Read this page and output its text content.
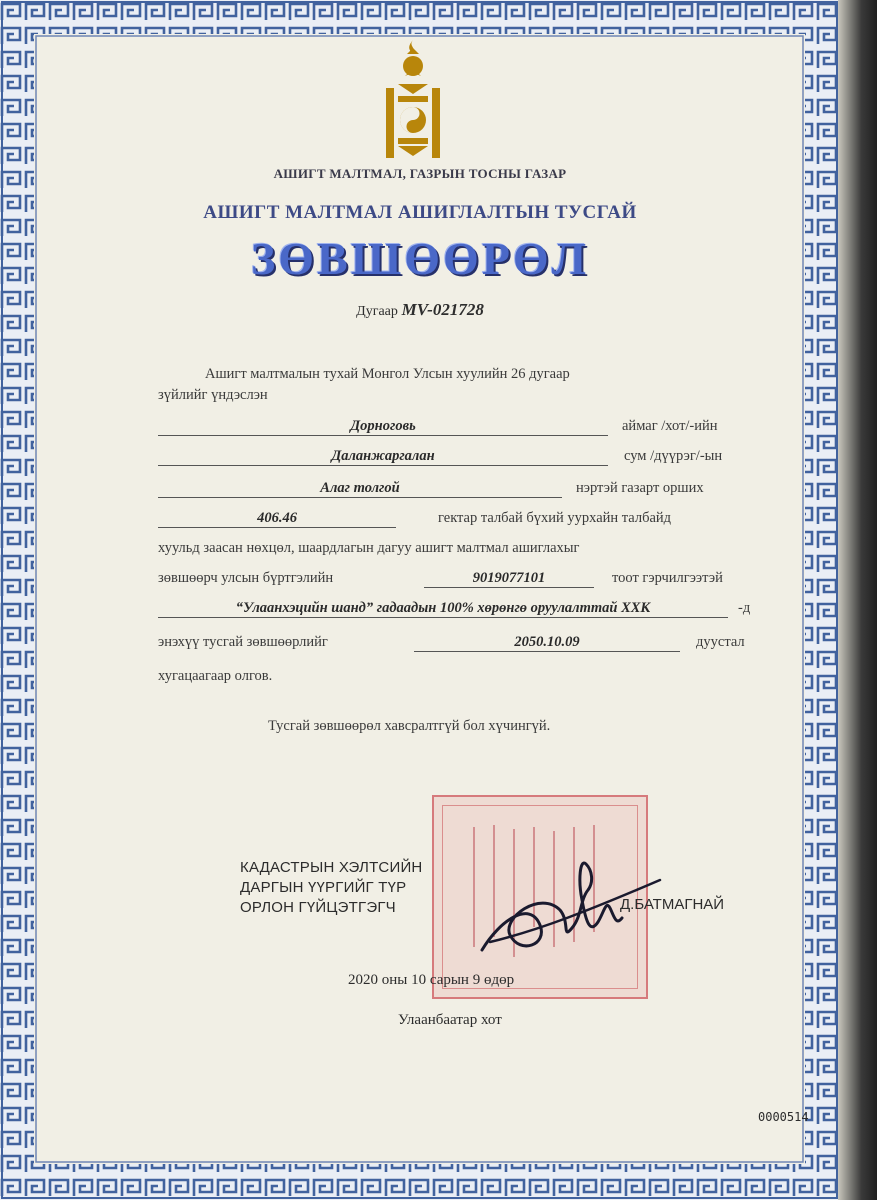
АШИГТ МАЛТМАЛ, ГАЗРЫН ТОСНЫ ГАЗАР
АШИГТ МАЛТМАЛ АШИГЛАЛТЫН ТУСГАЙ
ЗӨВШӨӨРӨЛ
Дугаар MV-021728
Ашигт малтмалын тухай Монгол Улсын хуулийн 26 дугаар
зүйлийг үндэслэн
Дорноговь	аймаг /хот/-ийн
Даланжаргалан	сум /дүүрэг/-ын
Алаг толгой	нэртэй газарт орших
406.46	гектар талбай бүхий уурхайн талбайд
хуульд заасан нөхцөл, шаардлагын дагуу ашигт малтмал ашиглахыг
зөвшөөрч улсын бүртгэлийн	9019077101	тоот гэрчилгээтэй
“Улаанхэцийн шанд” гадаадын 100% хөрөнгө оруулалттай ХХК	-д
энэхүү тусгай зөвшөөрлийг	2050.10.09	дуустал
хугацаагаар олгов.
Тусгай зөвшөөрөл хавсралтгүй бол хүчингүй.
КАДАСТРЫН ХЭЛТСИЙН
ДАРГЫН ҮҮРГИЙГ ТҮР
ОРЛОН ГҮЙЦЭТГЭГЧ	Д.БАТМАГНАЙ
2020 оны 10 сарын 9 өдөр
Улаанбаатар хот
0000514
